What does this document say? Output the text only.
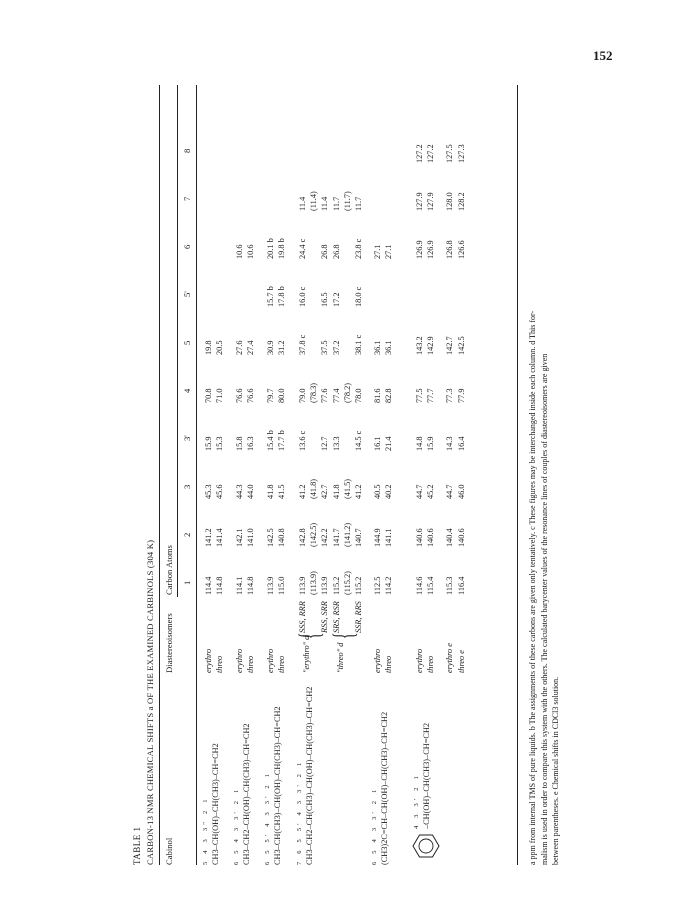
152
TABLE 1 CARBON-13 NMR CHEMICAL SHIFTS a OF THE EXAMINED CARBINOLS (304 K) Cabinol
Diastereoisomers
Carbon Atoms 1
2
3
3'
4
5
5'
6
7
8
5 4 3 3" 2 1 CH3–CH(OH)–CH(CH3)–CH=CH2
erythro
114.4
141.2
45.3
15.9
70.8
19.8
threo
114.8
141.4
45.6
15.3
71.0
20.5
6 5 4 3 3' 2 1 CH3–CH2–CH(OH)–CH(CH3)–CH=CH2
erythro
114.1
142.1
44.3
15.8
76.6
27.6
10.6
threo
114.8
141.0
44.0
16.3
76.6
27.4
10.6
6 5 5' 4 3 3' 2 1 CH3–CH(CH3)–CH(OH)–CH(CH3)–CH=CH2
erythro
113.9
142.5
41.8
15.4 b
79.7
30.9
15.7 b
20.1 b
threo
115.0
140.8
41.5
17.7 b
80.0
31.2
17.8 b
19.8 b
7 6 5 5' 4 3 3' 2 1 CH3–CH2–CH(CH3)–CH(OH)–CH(CH3)–CH=CH2
"erythro" d
SSS, RRR
113.9
142.8
41.2
13.6 c
79.0
37.8 c
16.0 c
24.4 c
11.4
(113.9)
(142.5)
(41.8)
(78.3)
(11.4)
RSS, SRR
113.9
142.2
42.7
12.7
77.6
37.5
16.5
26.8
11.4
"threo" d
SRS, RSR
115.2
141.7
41.8
13.3
77.4
37.2
17.2
26.8
11.7
(115.2)
(141.2)
(41.5)
(78.2)
(11.7)
SSR, RRS
115.2
140.7
41.2
14.5 c
78.0
38.1 c
18.0 c
23.8 c
11.7
{ {
6 5 4 3 3' 2 1 (CH3)2C=CH–CH(OH)–CH(CH3)–CH=CH2
erythro
112.5
144.9
40.5
16.1
81.6
36.1
27.1
threo
114.2
141.1
40.2
21.4
82.8
36.1
27.1
4 3 3' 2 1 –CH(OH)–CH(CH3)–CH=CH2
erythro
114.6
140.6
44.7
14.8
77.5
143.2
126.9
127.9
127.2
threo
115.4
140.6
45.2
15.9
77.7
142.9
126.9
127.9
127.2
erythro e
115.3
140.4
44.7
14.3
77.3
142.7
126.8
128.0
127.5
threo e
116.4
140.6
46.0
16.4
77.9
142.5
126.6
128.2
127.3
a ppm from internal TMS of pure liquids. b The assignments of these carbons are given only tentatively. c These figures may be interchanged inside each column. d This for- malism is used in order to compare this system with the others. The calculated barycenter values of the resonance lines of couples of diastereoisomers are given between parentheses. e Chemical shifts in CDCl3 solution.
